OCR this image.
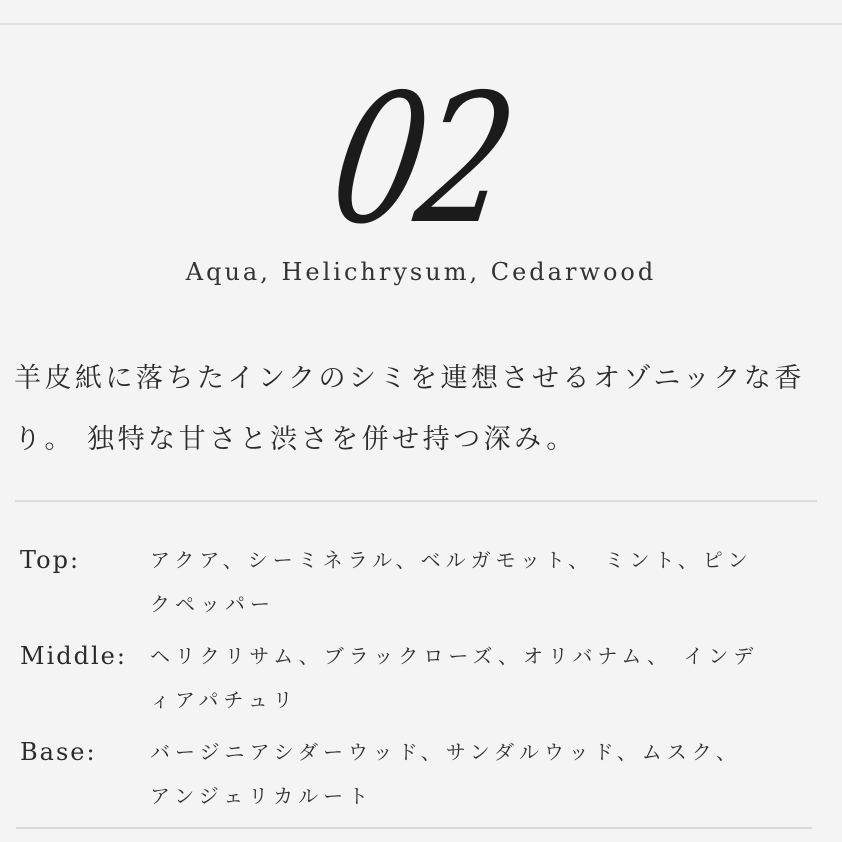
02
Aqua, Helichrysum, Cedarwood

羊皮紙に落ちたインクのシミを連想させるオゾニックな香り。 独特な甘さと渋さを併せ持つ深み。

Top:	アクア、シーミネラル、ベルガモット、 ミント、ピンクペッパー
Middle:	ヘリクリサム、ブラックローズ、オリバナム、 インディアパチュリ
Base:	バージニアシダーウッド、サンダルウッド、ムスク、 アンジェリカルート
